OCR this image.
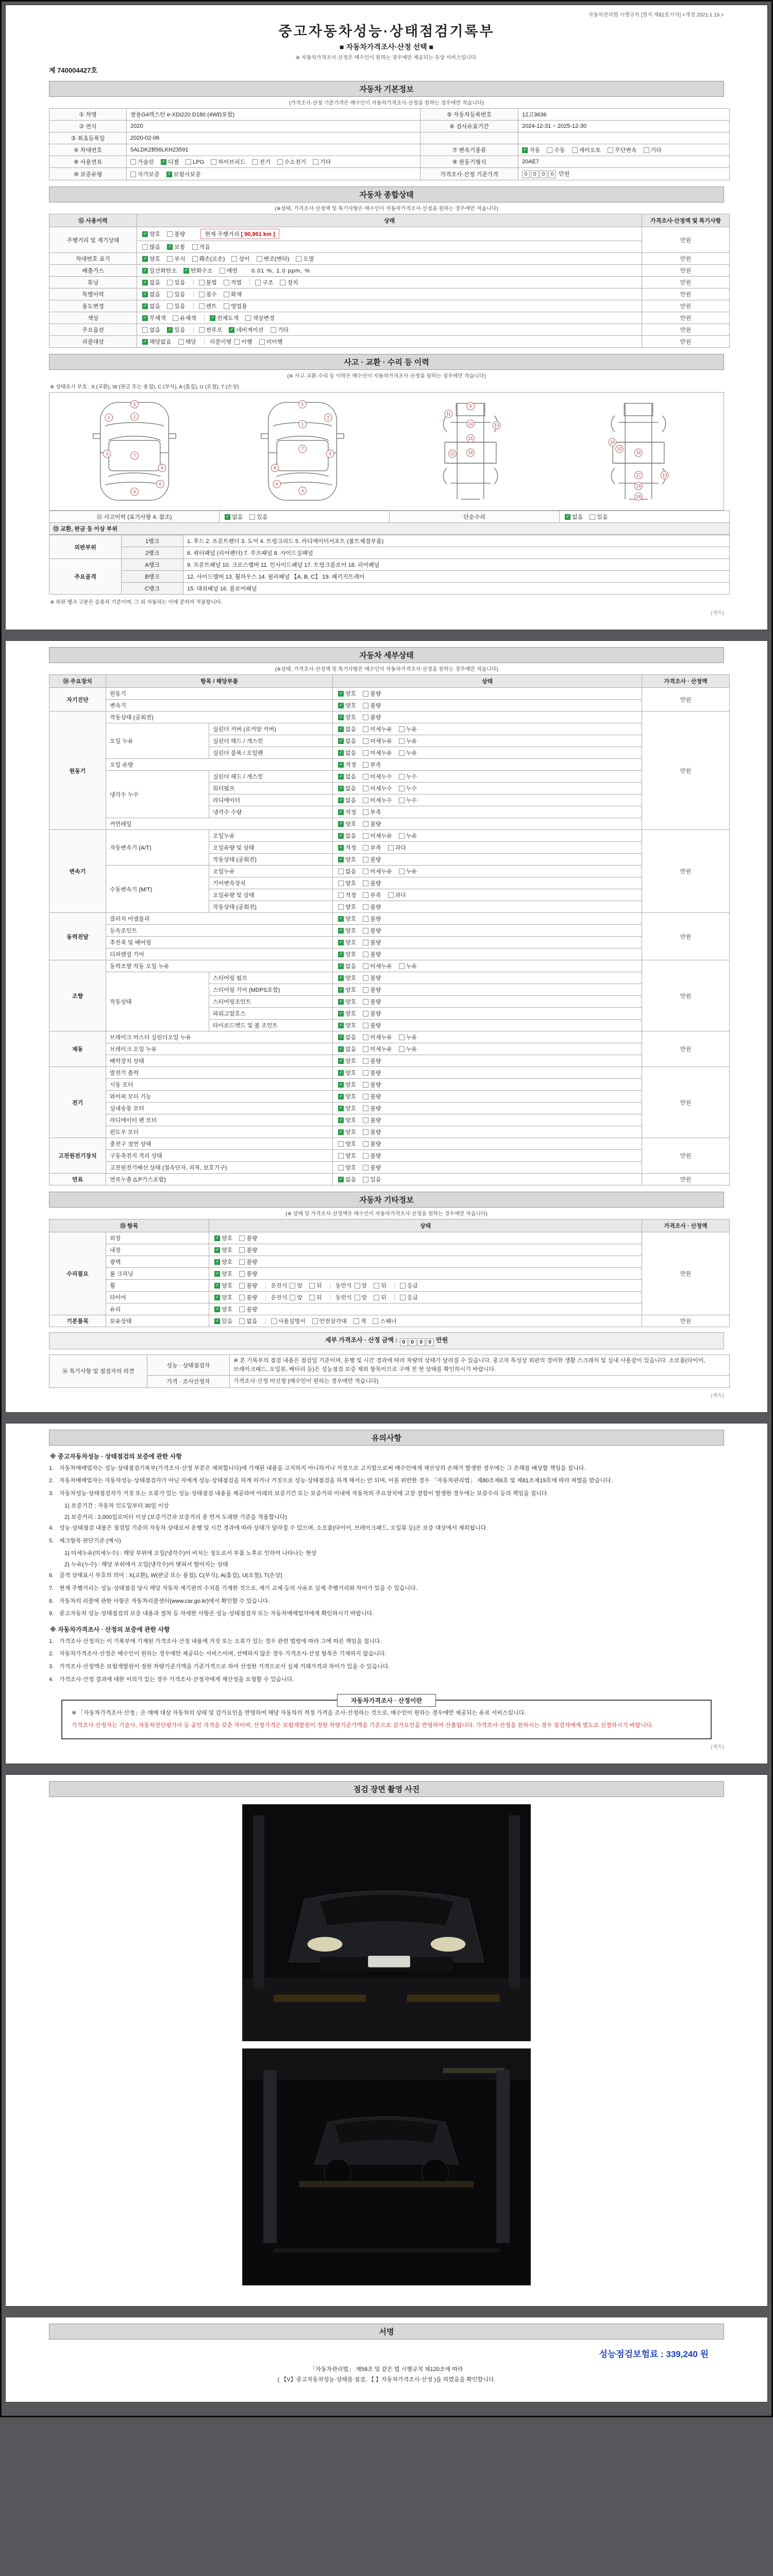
자동차관리법 시행규칙 [별지 제82호서식] <개정 2021.1.19.>
중고자동차성능·상태점검기록부
■ 자동차가격조사·산정 선택 ■
※ 자동차가격조사·산정은 매수인이 원하는 경우에만 제공되는 유상 서비스입니다.
제 740004427호
자동차 기본정보
(가격조사·산정 기준가격은 매수인이 자동차가격조사·산정을 원하는 경우에만 적습니다)
① 차명	쌍용G4렉스턴 e-XDi220 D180 (4WD포함)	⑤ 자동차등록번호	12고3636
② 연식	2020	⑥ 검사유효기간	2024-12-31 ~ 2025-12-30
③ 최초등록일	2020-02-06		
④ 차대번호	5ALDK2B56LKH23591	⑦ 변속기종류	✓자동 수동 세미오토 무단변속 기타
⑧ 사용연료	가솔린 ✓ 디젤 LPG 하이브리드 전기 수소전기 기타	⑨ 원동기형식	20AE7
⑩ 보증유형	자가보증 ✓ 보험사보증	가격조사·산정 기준가격	0 0 0 0 만원
자동차 종합상태
(※상태, 가격조사·산정액 및 특기사항은 매수인이 자동차가격조사·산정을 원하는 경우에만 적습니다)
⑪ 사용이력	상태	가격조사·산정액 및 특기사항
주행거리 및 계기상태	✓양호 불량 현재 주행거리 [ 90,951 km ]	만원
	많음 ✓ 보통 적음
차대번호 표기	✓양호 부식 훼손(오손) 상이 변조(변타) 도말	만원
배출가스	✓일산화탄소 ✓ 탄화수소 매연 0.01 %, 1.0 ppm, %	만원
튜닝	✓없음 있음 불법 적법 구조 장치	만원
특별이력	✓없음 있음 침수 화재	만원
용도변경	✓없음 있음 렌트 영업용	만원
색상	✓무채색 유채색 ✓ 전체도색 색상변경	만원
주요옵션	없음 ✓ 있음 썬루프 ✓ 네비게이션 기타	만원
리콜대상	✓해당없음 해당 리콜이행 이행 미이행	만원
사고 · 교환 · 수리 등 이력
(※ 사고·교환·수리 등 이력은 매수인이 자동차가격조사·산정을 원하는 경우에만 적습니다)
※ 상태표시 부호 : X (교환), W (판금 또는 용접), C (부식), A (흠집), U (요철), T (손상)
5
1
2
3	7
8
6
4
5
2
1
3
7
8
6
4
9
11
10	13
15
16
12
14
12
16
13
17
19
18
⑫ 사고이력 (표기사항 4. 참조)	✓없음 있음	단순수리	✓없음 있음
⑬ 교환, 판금 등 이상 부위
외판부위	1랭크	1. 후드 2. 프론트펜더 3. 도어 4. 트렁크리드 5. 라디에이터서포트 (볼트체결부품)
	2랭크	6. 쿼터패널 (리어펜더) 7. 루프패널 8. 사이드실패널
주요골격	A랭크	9. 프론트패널 10. 크로스멤버 11. 인사이드패널 17. 트렁크플로어 18. 리어패널
	B랭크	12. 사이드멤버 13. 휠하우스 14. 필러패널 【A, B, C】 19. 패키지트레이
	C랭크	15. 대쉬패널 16. 플로어패널
※ 외판 랭크 구분은 승용차 기준이며, 그 외 자동차는 이에 준하여 적용합니다.
(계속)
자동차 세부상태
(※상태, 가격조사·산정액 및 특기사항은 매수인이 자동차가격조사·산정을 원하는 경우에만 적습니다)
⑭ 주요장치	항목 / 해당부품		상태	가격조사 · 산정액
자기진단	원동기	✓양호 불량	만원
	변속기	✓양호 불량
원동기	작동상태 (공회전)	✓양호 불량	만원
	오일 누유	실린더 커버 (로커암 커버)	✓없음 미세누유 누유
		실린더 헤드 / 개스킷	✓없음 미세누유 누유
		실린더 블록 / 오일팬	✓없음 미세누유 누유
	오일 유량	✓적정 부족
	냉각수 누수	실린더 헤드 / 개스킷	✓없음 미세누수 누수
		워터펌프	✓없음 미세누수 누수
		라디에이터	✓없음 미세누수 누수
		냉각수 수량	✓적정 부족
	커먼레일	✓양호 불량
변속기	자동변속기 (A/T)	오일누유	✓없음 미세누유 누유	만원
		오일유량 및 상태	✓적정 부족 과다
		작동상태 (공회전)	✓양호 불량
	수동변속기 (M/T)	오일누유	없음 미세누유 누유	
		기어변속장치	양호 불량	
		오일유량 및 상태	적정 부족 과다	
		작동상태 (공회전)	양호 불량	
동력전달	클러치 어셈블리	✓양호 불량	만원
	등속조인트	✓양호 불량
	추진축 및 베어링	✓양호 불량
	디퍼렌셜 기어	✓양호 불량
조향	동력조향 작동 오일 누유	✓없음 미세누유 누유	만원
	작동상태	스티어링 펌프	✓양호 불량
		스티어링 기어 (MDPS포함)	✓양호 불량
		스티어링조인트	✓양호 불량
		파워고압호스	✓양호 불량
		타이로드엔드 및 볼 조인트	✓양호 불량
제동	브레이크 마스터 실린더오일 누유	✓없음 미세누유 누유	만원
	브레이크 오일 누유	✓없음 미세누유 누유
	배력장치 상태	✓양호 불량
전기	발전기 출력	✓양호 불량	만원
	시동 모터	✓양호 불량
	와이퍼 모터 기능	✓양호 불량
	실내송풍 모터	✓양호 불량
	라디에이터 팬 모터	✓양호 불량
	윈도우 모터	✓양호 불량
고전원전기장치	충전구 절연 상태		양호 불량	만원
	구동축전지 격리 상태		양호 불량	
	고전원전기배선 상태 (접속단자, 피복, 보호기구)		양호 불량	
연료	연료누출 (LP가스포함)	✓없음 있음	만원
자동차 기타정보
(※ 상태 및 가격조사·산정액은 매수인이 자동차가격조사·산정을 원하는 경우에만 적습니다)
⑮ 항목		상태	가격조사 · 산정액
수리필요	외장	✓양호 불량	만원
	내장	✓양호 불량
	광택	✓양호 불량
	룸 크리닝	✓양호 불량
	휠	✓양호 불량 운전석 앞 뒤 동반석 앞 뒤 응급
	타이어	✓양호 불량 운전석 앞 뒤 동반석 앞 뒤 응급
	유리	✓양호 불량
기본품목	보유상태	✓있음 없음 사용설명서 안전삼각대 잭 스패너	만원
세부 가격조사 · 산정 금액 : 0 0 0 0 만원
⑯ 특기사항 및 점검자의 의견	성능 · 상태점검자	※ 본 기록부의 점검 내용은 점검일 기준이며, 운행 및 시간 경과에 따라 차량의 상태가 달라질 수 있습니다. 중고차 특성상 외판의 경미한 생활 스크래치 및 실내 사용감이 있습니다. 소모품(타이어, 브레이크패드, 오일류, 배터리 등)은 성능점검 보증 제외 항목이므로 구매 전 현 상태를 확인하시기 바랍니다.
	가격 · 조사산정자	가격조사·산정 미신청 (매수인이 원하는 경우에만 적습니다)
(계속)
유의사항
※ 중고자동차성능 · 상태점검의 보증에 관한 사항
1. 자동차매매업자는 성능·상태점검기록부(가격조사·산정 부분은 제외합니다)에 기재된 내용을 고지하지 아니하거나 거짓으로 고지함으로써 매수인에게 재산상의 손해가 발생한 경우에는 그 손해를 배상할 책임을 집니다.
2. 자동차매매업자는 자동차성능·상태점검자가 아닌 자에게 성능·상태점검을 하게 하거나 거짓으로 성능·상태점검을 하게 해서는 안 되며, 이를 위반한 경우 「자동차관리법」 제80조제6호 및 제81조제19호에 따라 처벌을 받습니다.
3. 자동차성능·상태점검자가 거짓 또는 오류가 있는 성능·상태점검 내용을 제공하여 아래의 보증기간 또는 보증거리 이내에 자동차의 주요장치에 고장·결함이 발생한 경우에는 보증수리 등의 책임을 집니다.
1) 보증기간 : 자동차 인도일부터 30일 이상
2) 보증거리 : 2,000킬로미터 이상 (보증기간과 보증거리 중 먼저 도래한 기준을 적용합니다)
4. 성능·상태점검 내용은 점검일 기준의 자동차 상태로서 운행 및 시간 경과에 따라 상태가 달라질 수 있으며, 소모품(타이어, 브레이크패드, 오일류 등)은 보증 대상에서 제외됩니다.
5. 체크항목 판단기준 (예시)
1) 미세누유(미세누수) : 해당 부위에 오일(냉각수)이 비치는 정도로서 부품 노후로 인하여 나타나는 현상
2) 누유(누수) : 해당 부위에서 오일(냉각수)이 맺혀서 떨어지는 상태
6. 골격 상태표시 부호의 의미 : X(교환), W(판금 또는 용접), C(부식), A(흠집), U(요철), T(손상)
7. 현재 주행거리는 성능·상태점검 당시 해당 자동차 계기판의 수치를 기재한 것으로, 계기 교체 등의 사유로 실제 주행거리와 차이가 있을 수 있습니다.
8. 자동차의 리콜에 관한 사항은 자동차리콜센터(www.car.go.kr)에서 확인할 수 있습니다.
9. 중고자동차 성능·상태점검의 보증 내용과 절차 등 자세한 사항은 성능·상태점검자 또는 자동차매매업자에게 확인하시기 바랍니다.
※ 자동차가격조사 · 산정의 보증에 관한 사항
1. 가격조사·산정자는 이 기록부에 기재된 가격조사·산정 내용에 거짓 또는 오류가 있는 경우 관련 법령에 따라 그에 따른 책임을 집니다.
2. 자동차가격조사·산정은 매수인이 원하는 경우에만 제공되는 서비스이며, 선택하지 않은 경우 가격조사·산정 항목은 기재하지 않습니다.
3. 가격조사·산정액은 보험개발원이 정한 차량기준가액을 기준가격으로 하여 산정한 가격으로서 실제 거래가격과 차이가 있을 수 있습니다.
4. 가격조사·산정 결과에 대한 이의가 있는 경우 가격조사·산정자에게 재산정을 요청할 수 있습니다.
자동차가격조사 · 산정이란

※ 「자동차가격조사·산정」은 매매 대상 자동차의 상태 및 감가요인을 반영하여 해당 자동차의 적정 가격을 조사·산정하는 것으로, 매수인이 원하는 경우에만 제공되는 유료 서비스입니다.

가격조사·산정자는 기술사, 자동차진단평가사 등 공인 자격을 갖춘 자이며, 산정가격은 보험개발원이 정한 차량기준가액을 기준으로 감가요인을 반영하여 산출됩니다. 가격조사·산정을 원하시는 경우 점검자에게 별도로 신청하시기 바랍니다.

(계속)
점검 장면 촬영 사진
서명
성능점검보험료 : 339,240 원
「자동차관리법」 제58조 및 같은 법 시행규칙 제120조에 따라
( 【V】중고자동차성능·상태를 점검, 【 】자동차가격조사·산정 )을 하였음을 확인합니다.
